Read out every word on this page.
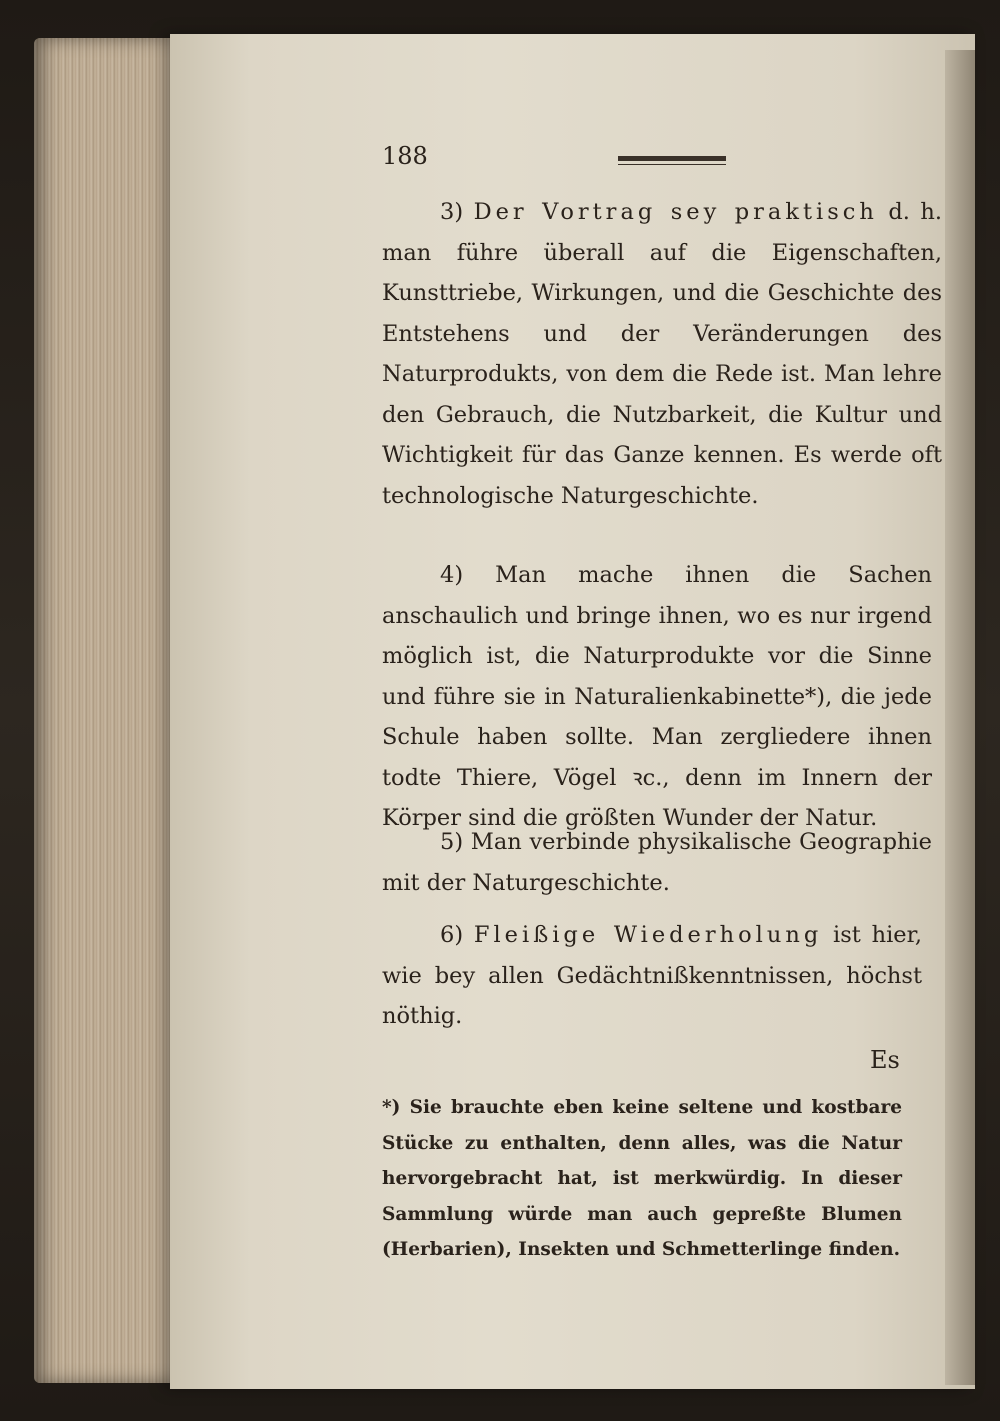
188

3) Der Vortrag sey praktisch d. h. man führe überall auf die Eigenschaften, Kunsttriebe, Wirkungen, und die Geschichte des Entstehens und der Veränderungen des Naturprodukts, von dem die Rede ist. Man lehre den Gebrauch, die Nutzbarkeit, die Kultur und Wichtigkeit für das Ganze kennen. Es werde oft technologische Naturgeschichte.

4) Man mache ihnen die Sachen anschaulich und bringe ihnen, wo es nur irgend möglich ist, die Naturprodukte vor die Sinne und führe sie in Naturalienkabinette*), die jede Schule haben sollte. Man zergliedere ihnen todte Thiere, Vögel ꝛc., denn im Innern der Körper sind die größten Wunder der Natur.

5) Man verbinde physikalische Geographie mit der Naturgeschichte.

6) Fleißige Wiederholung ist hier, wie bey allen Gedächtnißkenntnissen, höchst nöthig.

Es

*) Sie brauchte eben keine seltene und kostbare Stücke zu enthalten, denn alles, was die Natur hervorgebracht hat, ist merkwürdig. In dieser Sammlung würde man auch gepreßte Blumen (Herbarien), Insekten und Schmetterlinge finden.
